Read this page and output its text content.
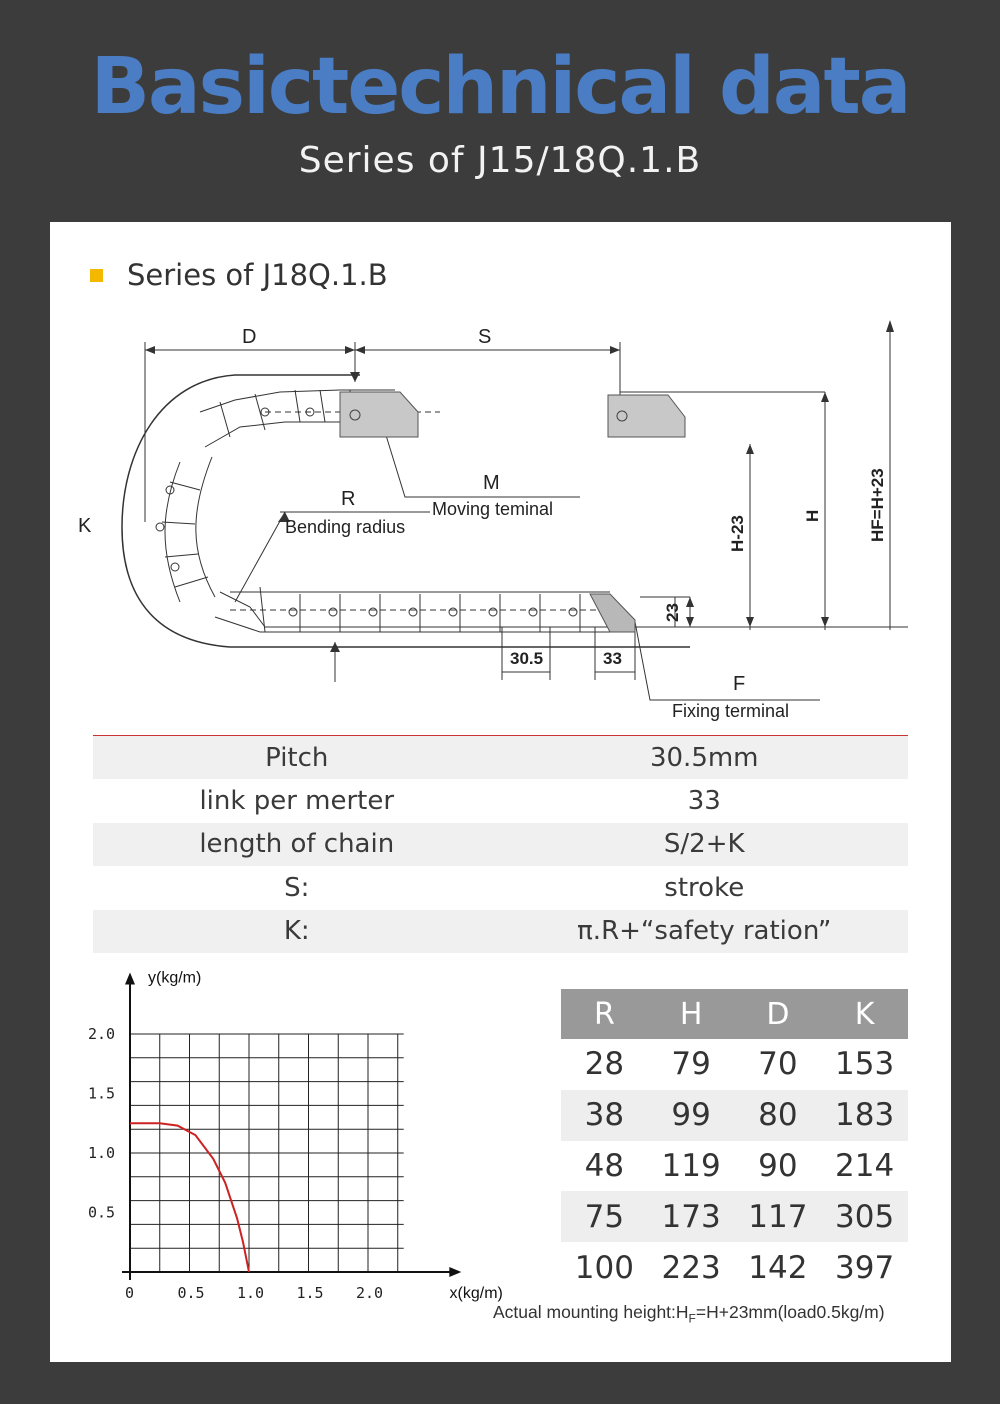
Basictechnical data
Series of J15/18Q.1.B
Series of J18Q.1.B
D	S
K
R
Bending radius
M
Moving teminal
F
Fixing terminal
30.5	33
23
H-23	H	HF=H+23
Pitch	30.5mm
link per merter	33
length of chain	S/2+K
S:	stroke
K:	π.R+“safety ration”
0	0.5 1.0 1.5 2.0
0.5
1.0
1.5
2.0
y(kg/m)
x(kg/m)
R	H	D	K
28	79	70	153
38	99	80	183
48	119	90	214
75	173	117	305
100	223	142	397
Actual mounting $height:H_F=H+23mm(load0.5kg/m)$
